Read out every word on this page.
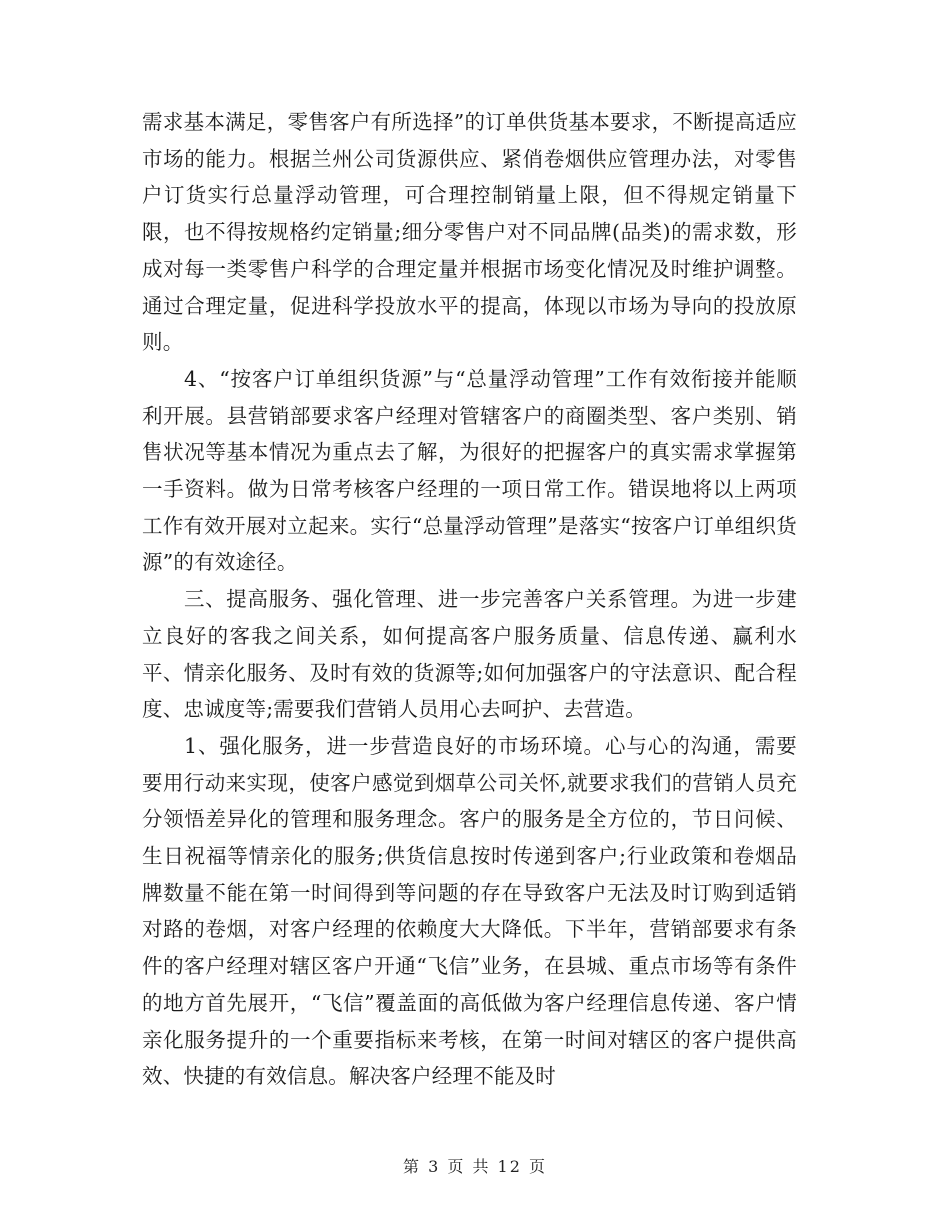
需求基本满足，零售客户有所选择”的订单供货基本要求，不断提高适应市场的能力。根据兰州公司货源供应、紧俏卷烟供应管理办法，对零售户订货实行总量浮动管理，可合理控制销量上限，但不得规定销量下限，也不得按规格约定销量;细分零售户对不同品牌(品类)的需求数，形成对每一类零售户科学的合理定量并根据市场变化情况及时维护调整。通过合理定量，促进科学投放水平的提高，体现以市场为导向的投放原则。

4、“按客户订单组织货源”与“总量浮动管理”工作有效衔接并能顺利开展。县营销部要求客户经理对管辖客户的商圈类型、客户类别、销售状况等基本情况为重点去了解，为很好的把握客户的真实需求掌握第一手资料。做为日常考核客户经理的一项日常工作。错误地将以上两项工作有效开展对立起来。实行“总量浮动管理”是落实“按客户订单组织货源”的有效途径。

三、提高服务、强化管理、进一步完善客户关系管理。为进一步建立良好的客我之间关系，如何提高客户服务质量、信息传递、赢利水平、情亲化服务、及时有效的货源等;如何加强客户的守法意识、配合程度、忠诚度等;需要我们营销人员用心去呵护、去营造。

1、强化服务，进一步营造良好的市场环境。心与心的沟通，需要要用行动来实现，使客户感觉到烟草公司关怀,就要求我们的营销人员充分领悟差异化的管理和服务理念。客户的服务是全方位的，节日问候、生日祝福等情亲化的服务;供货信息按时传递到客户;行业政策和卷烟品牌数量不能在第一时间得到等问题的存在导致客户无法及时订购到适销对路的卷烟，对客户经理的依赖度大大降低。下半年，营销部要求有条件的客户经理对辖区客户开通“飞信”业务，在县城、重点市场等有条件的地方首先展开，“飞信”覆盖面的高低做为客户经理信息传递、客户情亲化服务提升的一个重要指标来考核，在第一时间对辖区的客户提供高效、快捷的有效信息。解决客户经理不能及时

第 3 页 共 12 页
